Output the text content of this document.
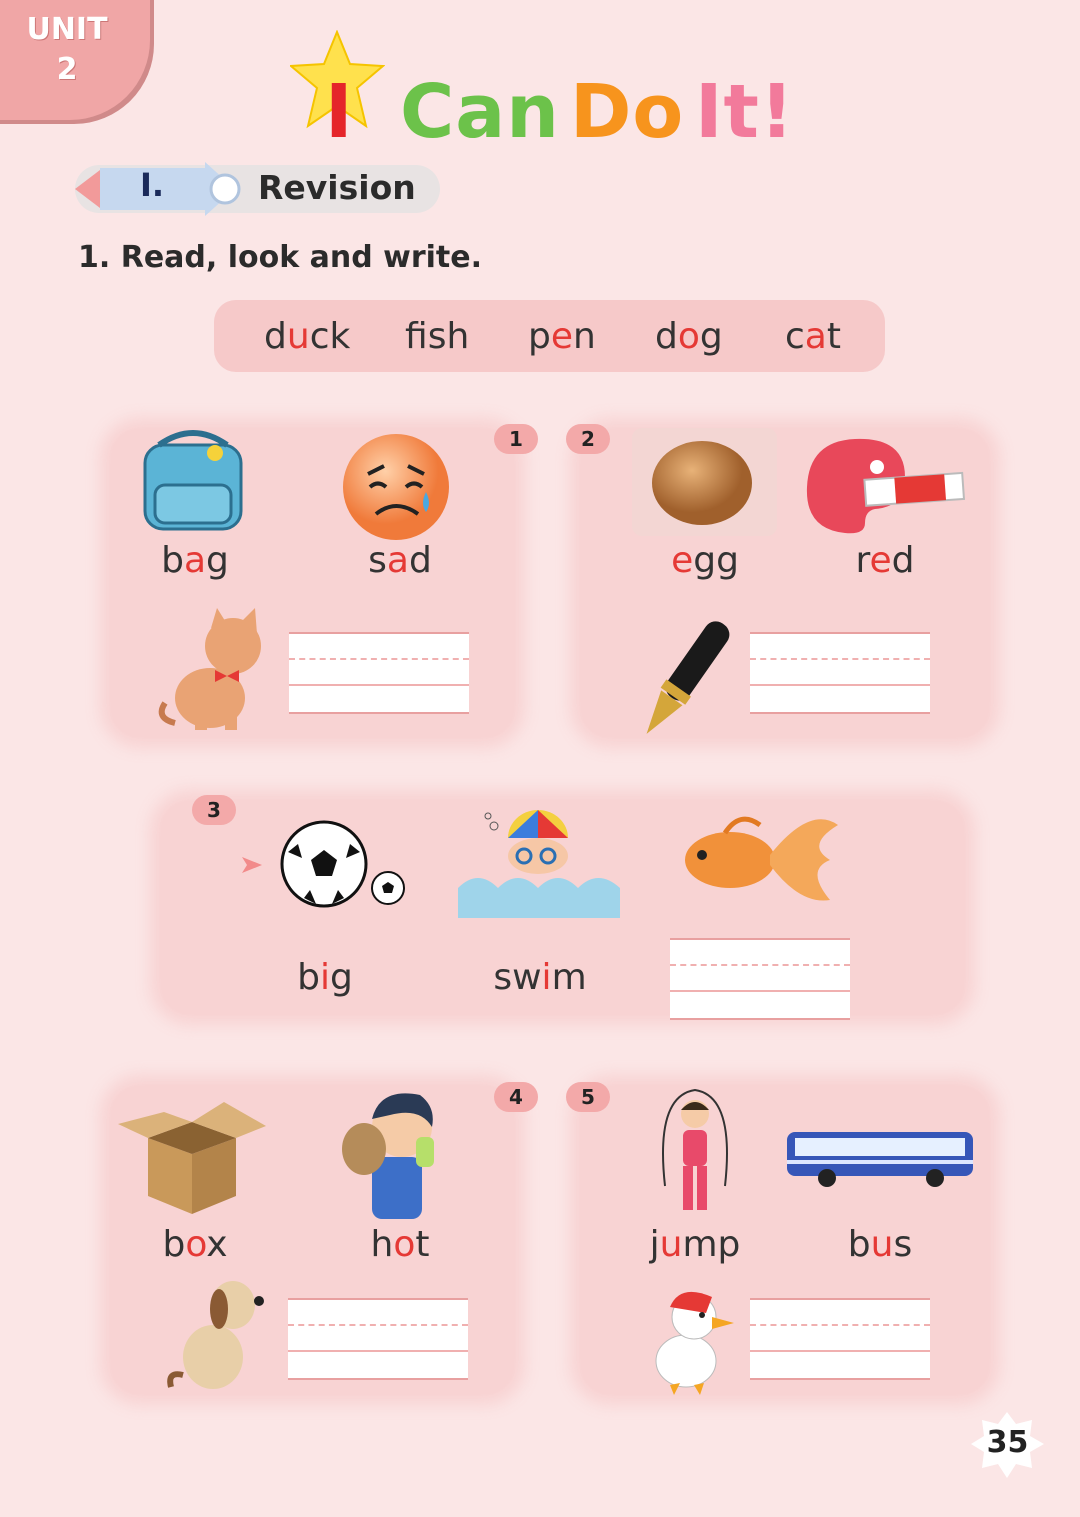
UNIT
2	I Can Do It!
I.	Revision
1. Read, look and write.
duck fsh pen dog cat
1	2
3
4	5
bag	sad	egg	red
big	swim
box	hot	jump	bus
35
